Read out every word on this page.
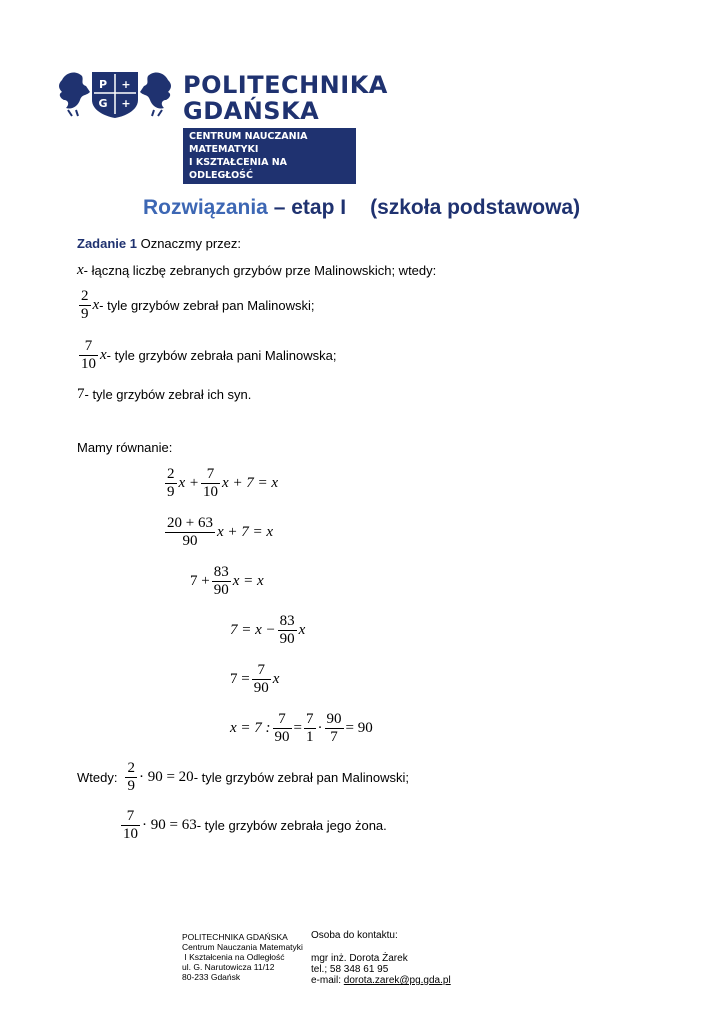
P
G
+
+
POLITECHNIKA
GDAŃSKA
CENTRUM NAUCZANIA MATEMATYKI
I KSZTAŁCENIA NA ODLEGŁOŚĆ
Rozwiązania – etap I (szkoła podstawowa)
Zadanie 1 Oznaczmy przez:
x - łączną liczbę zebranych grzybów prze Malinowskich; wtedy:
$\frac{2}{9}$ x - tyle grzybów zebrał pan Malinowski;
$\frac{7}{10}$ x - tyle grzybów zebrała pani Malinowska;
7 - tyle grzybów zebrał ich syn.
Mamy równanie:
$\frac{2}{9}$ $x + \frac{7}{10}$ x + 7 = x
$\frac{20 + 63}{90}$ x + 7 = x
$7 + \frac{83}{90}$ x = x
$7 = x - \frac{83}{90}$ x
$7 = \frac{7}{90}$ x
x = 7 : $\frac{7}{90} = \frac{7}{1} \cdot \frac{90}{7} = 90$
Wtedy: $\frac{2}{9} \cdot 90 = 20$ - tyle grzybów zebrał pan Malinowski;
$\frac{7}{10} \cdot 90 = 63$ - tyle grzybów zebrała jego żona.
POLITECHNIKA GDAŃSKA
Centrum Nauczania Matematyki
I Kształcenia na Odległość
ul. G. Narutowicza 11/12
80-233 Gdańsk
Osoba do kontaktu:
mgr inż. Dorota Żarek
tel.; 58 348 61 95
e-mail: dorota.zarek@pg.gda.pl
